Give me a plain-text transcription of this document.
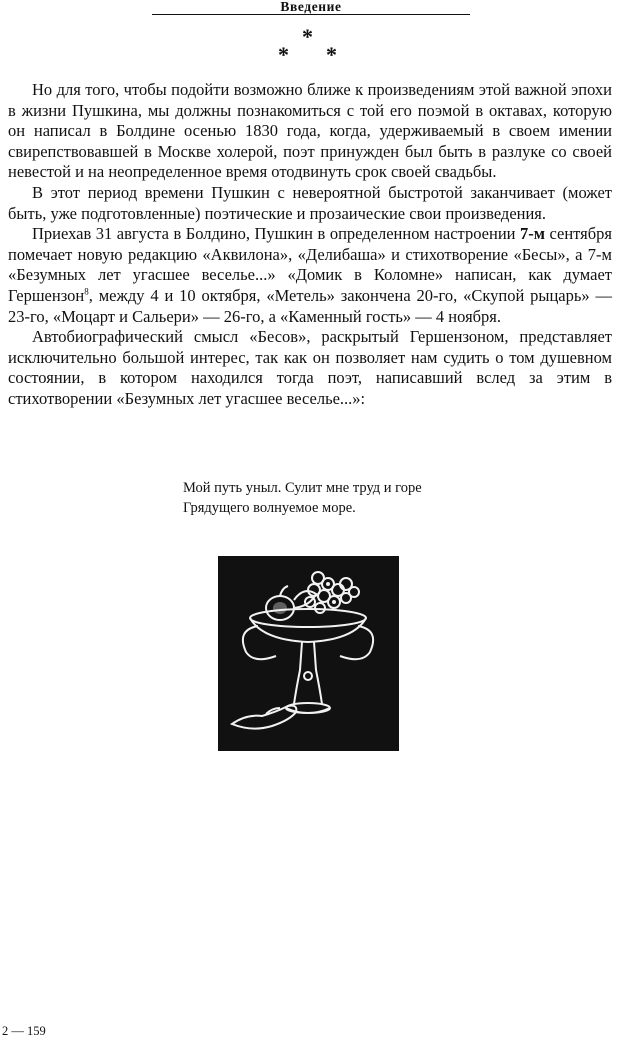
Введение
*
* *

Но для того, чтобы подойти возможно ближе к произведениям этой важной эпохи в жизни Пушкина, мы должны познакомиться с той его поэмой в октавах, которую он написал в Болдине осенью 1830 года, когда, удерживаемый в своем имении свирепствовавшей в Москве холерой, поэт принужден был быть в разлуке со своей невестой и на неопределенное время отодвинуть срок своей свадьбы.

В этот период времени Пушкин с невероятной быстротой заканчивает (может быть, уже подготовленные) поэтические и прозаические свои произведения.

Приехав 31 августа в Болдино, Пушкин в определенном настроении 7-м сентября помечает новую редакцию «Аквилона», «Делибаша» и стихотворение «Бесы», а 7-м «Безумных лет угасшее веселье...» «Домик в Коломне» написан, как думает Гершензон$^8$, между 4 и 10 октября, «Метель» закончена 20-го, «Скупой рыцарь» — 23-го, «Моцарт и Сальери» — 26-го, а «Каменный гость» — 4 ноября.

Автобиографический смысл «Бесов», раскрытый Гершензоном, представляет исключительно большой интерес, так как он позволяет нам судить о том душевном состоянии, в котором находился тогда поэт, написавший вслед за этим в стихотворении «Безумных лет угасшее веселье...»:

Мой путь уныл. Сулит мне труд и горе
Грядущего волнуемое море.
2 — 159
